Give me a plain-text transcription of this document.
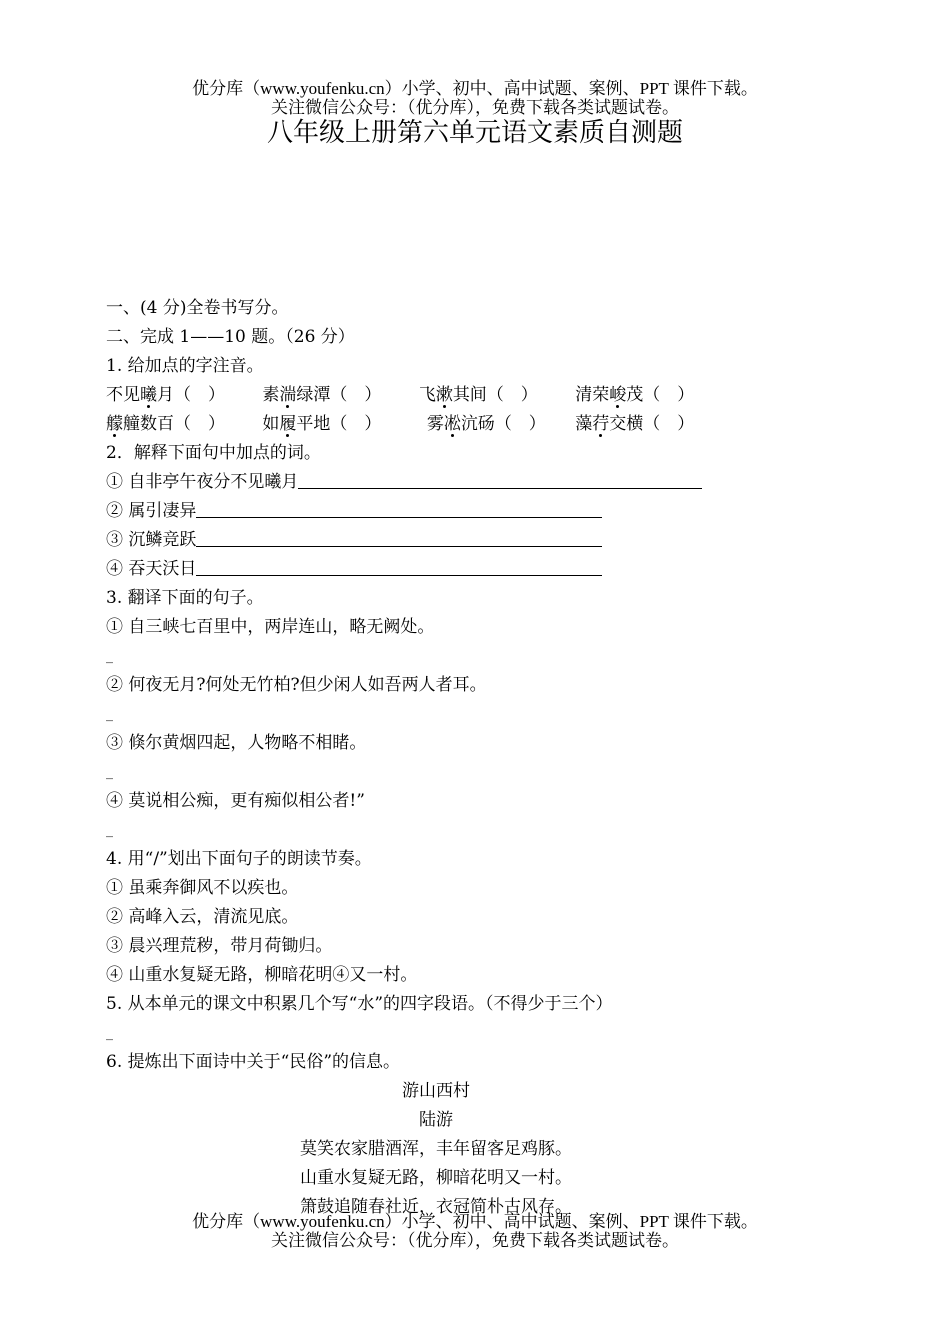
优分库（www.youfenku.cn）小学、初中、高中试题、案例、PPT 课件下载。
关注微信公众号：（优分库），免费下载各类试题试卷。
八年级上册第六单元语文素质自测题
一、(4 分)全卷书写分。
二、完成 1——10 题。（26 分）
1. 给加点的字注音。
不见曦月（　） 素湍绿潭（　） 飞漱其间（　） 清荣峻茂（　）
艨艟数百（　） 如履平地（　）	雾凇沆砀（　） 藻荇交横（　）
2．解释下面句中加点的词。
① 自非亭午夜分不见曦月
② 属引凄异
③ 沉鳞竞跃
④ 吞天沃日
3. 翻译下面的句子。
① 自三峡七百里中，两岸连山，略无阙处。
_
② 何夜无月?何处无竹柏?但少闲人如吾两人者耳。
_
③ 倏尔黄烟四起，人物略不相睹。
_
④ 莫说相公痴，更有痴似相公者!”
_
4. 用“/”划出下面句子的朗读节奏。
① 虽乘奔御风不以疾也。
② 高峰入云，清流见底。
③ 晨兴理荒秽，带月荷锄归。
④ 山重水复疑无路，柳暗花明④又一村。
5. 从本单元的课文中积累几个写“水”的四字段语。（不得少于三个）
_
6. 提炼出下面诗中关于“民俗”的信息。
游山西村
陆游
莫笑农家腊酒浑，丰年留客足鸡豚。
山重水复疑无路，柳暗花明又一村。
箫鼓追随春社近，衣冠简朴古风存。
优分库（www.youfenku.cn）小学、初中、高中试题、案例、PPT 课件下载。
关注微信公众号：（优分库），免费下载各类试题试卷。
